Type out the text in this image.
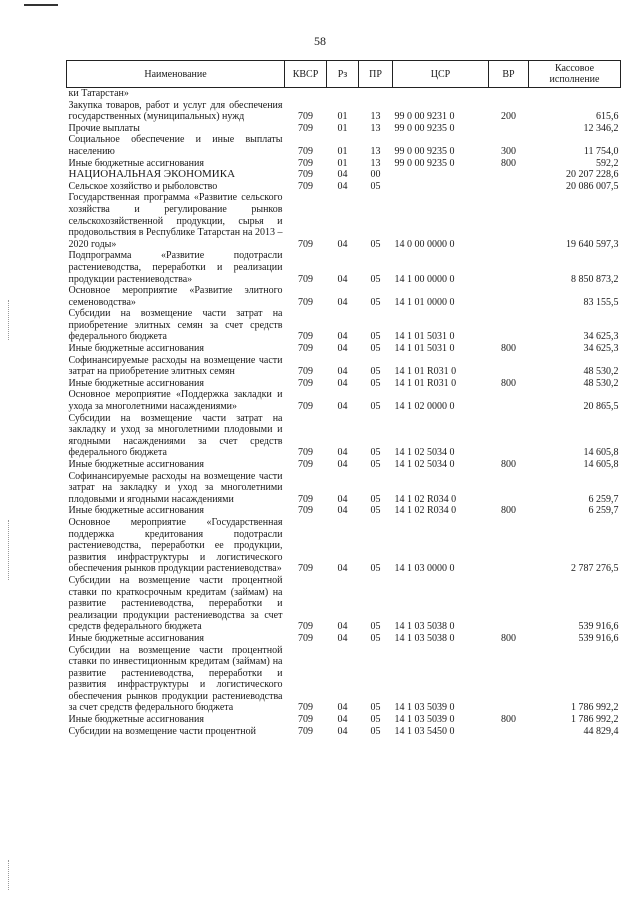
58
Наименование	КВСР	Рз	ПР	ЦСР	ВР	Кассовое исполнение
ки Татарстан»						
Закупка товаров, работ и услуг для обеспечения государственных (муниципальных) нужд	709	01	13	99 0 00 9231 0	200	615,6
Прочие выплаты	709	01	13	99 0 00 9235 0		12 346,2
Социальное обеспечение и иные выплаты населению	709	01	13	99 0 00 9235 0	300	11 754,0
Иные бюджетные ассигнования	709	01	13	99 0 00 9235 0	800	592,2
НАЦИОНАЛЬНАЯ ЭКОНОМИКА	709	04	00			20 207 228,6
Сельское хозяйство и рыболовство	709	04	05			20 086 007,5
Государственная программа «Развитие сельского хозяйства и регулирование рынков сельскохозяйственной продукции, сырья и продовольствия в Республике Татарстан на 2013 – 2020 годы»	709	04	05	14 0 00 0000 0		19 640 597,3
Подпрограмма «Развитие подотрасли растениеводства, переработки и реализации продукции растениеводства»	709	04	05	14 1 00 0000 0		8 850 873,2
Основное мероприятие «Развитие элитного семеноводства»	709	04	05	14 1 01 0000 0		83 155,5
Субсидии на возмещение части затрат на приобретение элитных семян за счет средств федерального бюджета	709	04	05	14 1 01 5031 0		34 625,3
Иные бюджетные ассигнования	709	04	05	14 1 01 5031 0	800	34 625,3
Софинансируемые расходы на возмещение части затрат на приобретение элитных семян	709	04	05	14 1 01 R031 0		48 530,2
Иные бюджетные ассигнования	709	04	05	14 1 01 R031 0	800	48 530,2
Основное мероприятие «Поддержка закладки и ухода за многолетними насаждениями»	709	04	05	14 1 02 0000 0		20 865,5
Субсидии на возмещение части затрат на закладку и уход за многолетними плодовыми и ягодными насаждениями за счет средств федерального бюджета	709	04	05	14 1 02 5034 0		14 605,8
Иные бюджетные ассигнования	709	04	05	14 1 02 5034 0	800	14 605,8
Софинансируемые расходы на возмещение части затрат на закладку и уход за многолетними плодовыми и ягодными насаждениями	709	04	05	14 1 02 R034 0		6 259,7
Иные бюджетные ассигнования	709	04	05	14 1 02 R034 0	800	6 259,7
Основное мероприятие «Государственная поддержка кредитования подотрасли растениеводства, переработки ее продукции, развития инфраструктуры и логистического обеспечения рынков продукции растениеводства»	709	04	05	14 1 03 0000 0		2 787 276,5
Субсидии на возмещение части процентной ставки по краткосрочным кредитам (займам) на развитие растениеводства, переработки и реализации продукции растениеводства за счет средств федерального бюджета	709	04	05	14 1 03 5038 0		539 916,6
Иные бюджетные ассигнования	709	04	05	14 1 03 5038 0	800	539 916,6
Субсидии на возмещение части процентной ставки по инвестиционным кредитам (займам) на развитие растениеводства, переработки и развития инфраструктуры и логистического обеспечения рынков продукции растениеводства за счет средств федерального бюджета	709	04	05	14 1 03 5039 0		1 786 992,2
Иные бюджетные ассигнования	709	04	05	14 1 03 5039 0	800	1 786 992,2
Субсидии на возмещение части процентной	709	04	05	14 1 03 5450 0		44 829,4
